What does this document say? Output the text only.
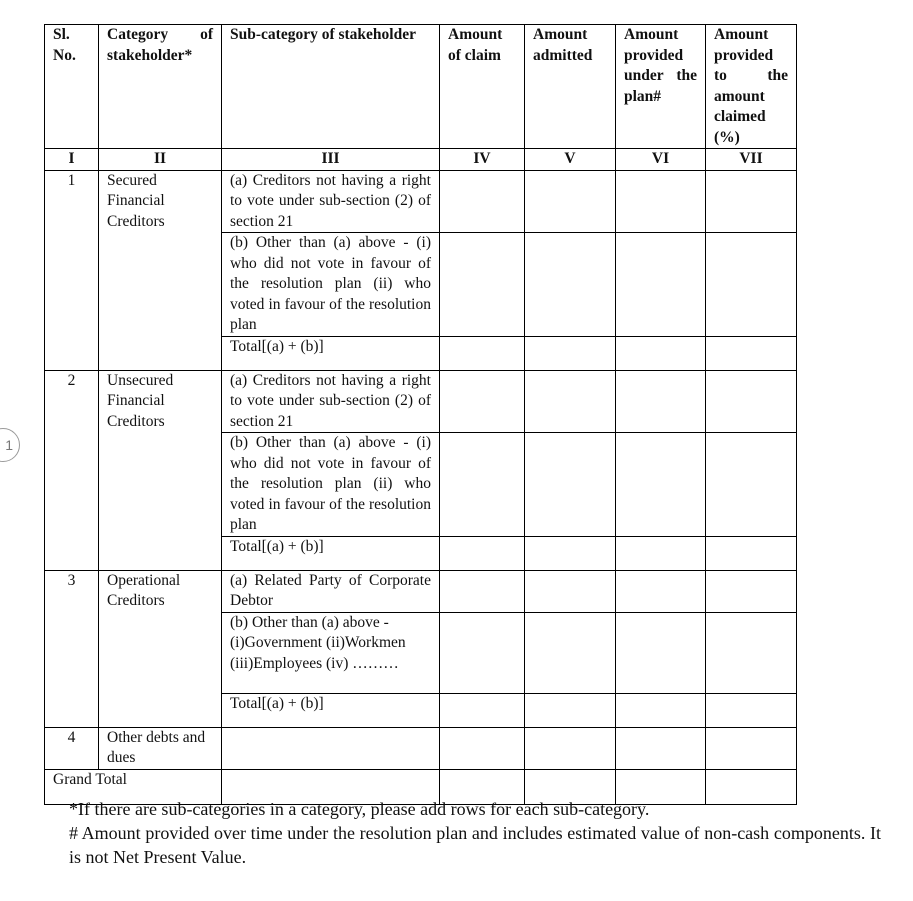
1
Sl. No.	Category of stakeholder*	Sub-category of stakeholder	Amount of claim	Amount admitted	Amount provided under the plan#	Amount provided to the amount claimed (%)
I	II	III	IV	V	VI	VII
1	Secured Financial Creditors	(a) Creditors not having a right to vote under sub-section (2) of section 21				
		(b) Other than (a) above - (i) who did not vote in favour of the resolution plan (ii) who voted in favour of the resolution plan				
		Total[(a) + (b)]				
2	Unsecured Financial Creditors	(a) Creditors not having a right to vote under sub-section (2) of section 21				
		(b) Other than (a) above - (i) who did not vote in favour of the resolution plan (ii) who voted in favour of the resolution plan				
		Total[(a) + (b)]				
3	Operational Creditors	(a) Related Party of Corporate Debtor				
		(b) Other than (a) above - (i)Government (ii)Workmen (iii)Employees (iv) ………				
		Total[(a) + (b)]				
4	Other debts and dues					
Grand Total						

*If there are sub-categories in a category, please add rows for each sub-category.

# Amount provided over time under the resolution plan and includes estimated value of non-cash components. It is not Net Present Value.
